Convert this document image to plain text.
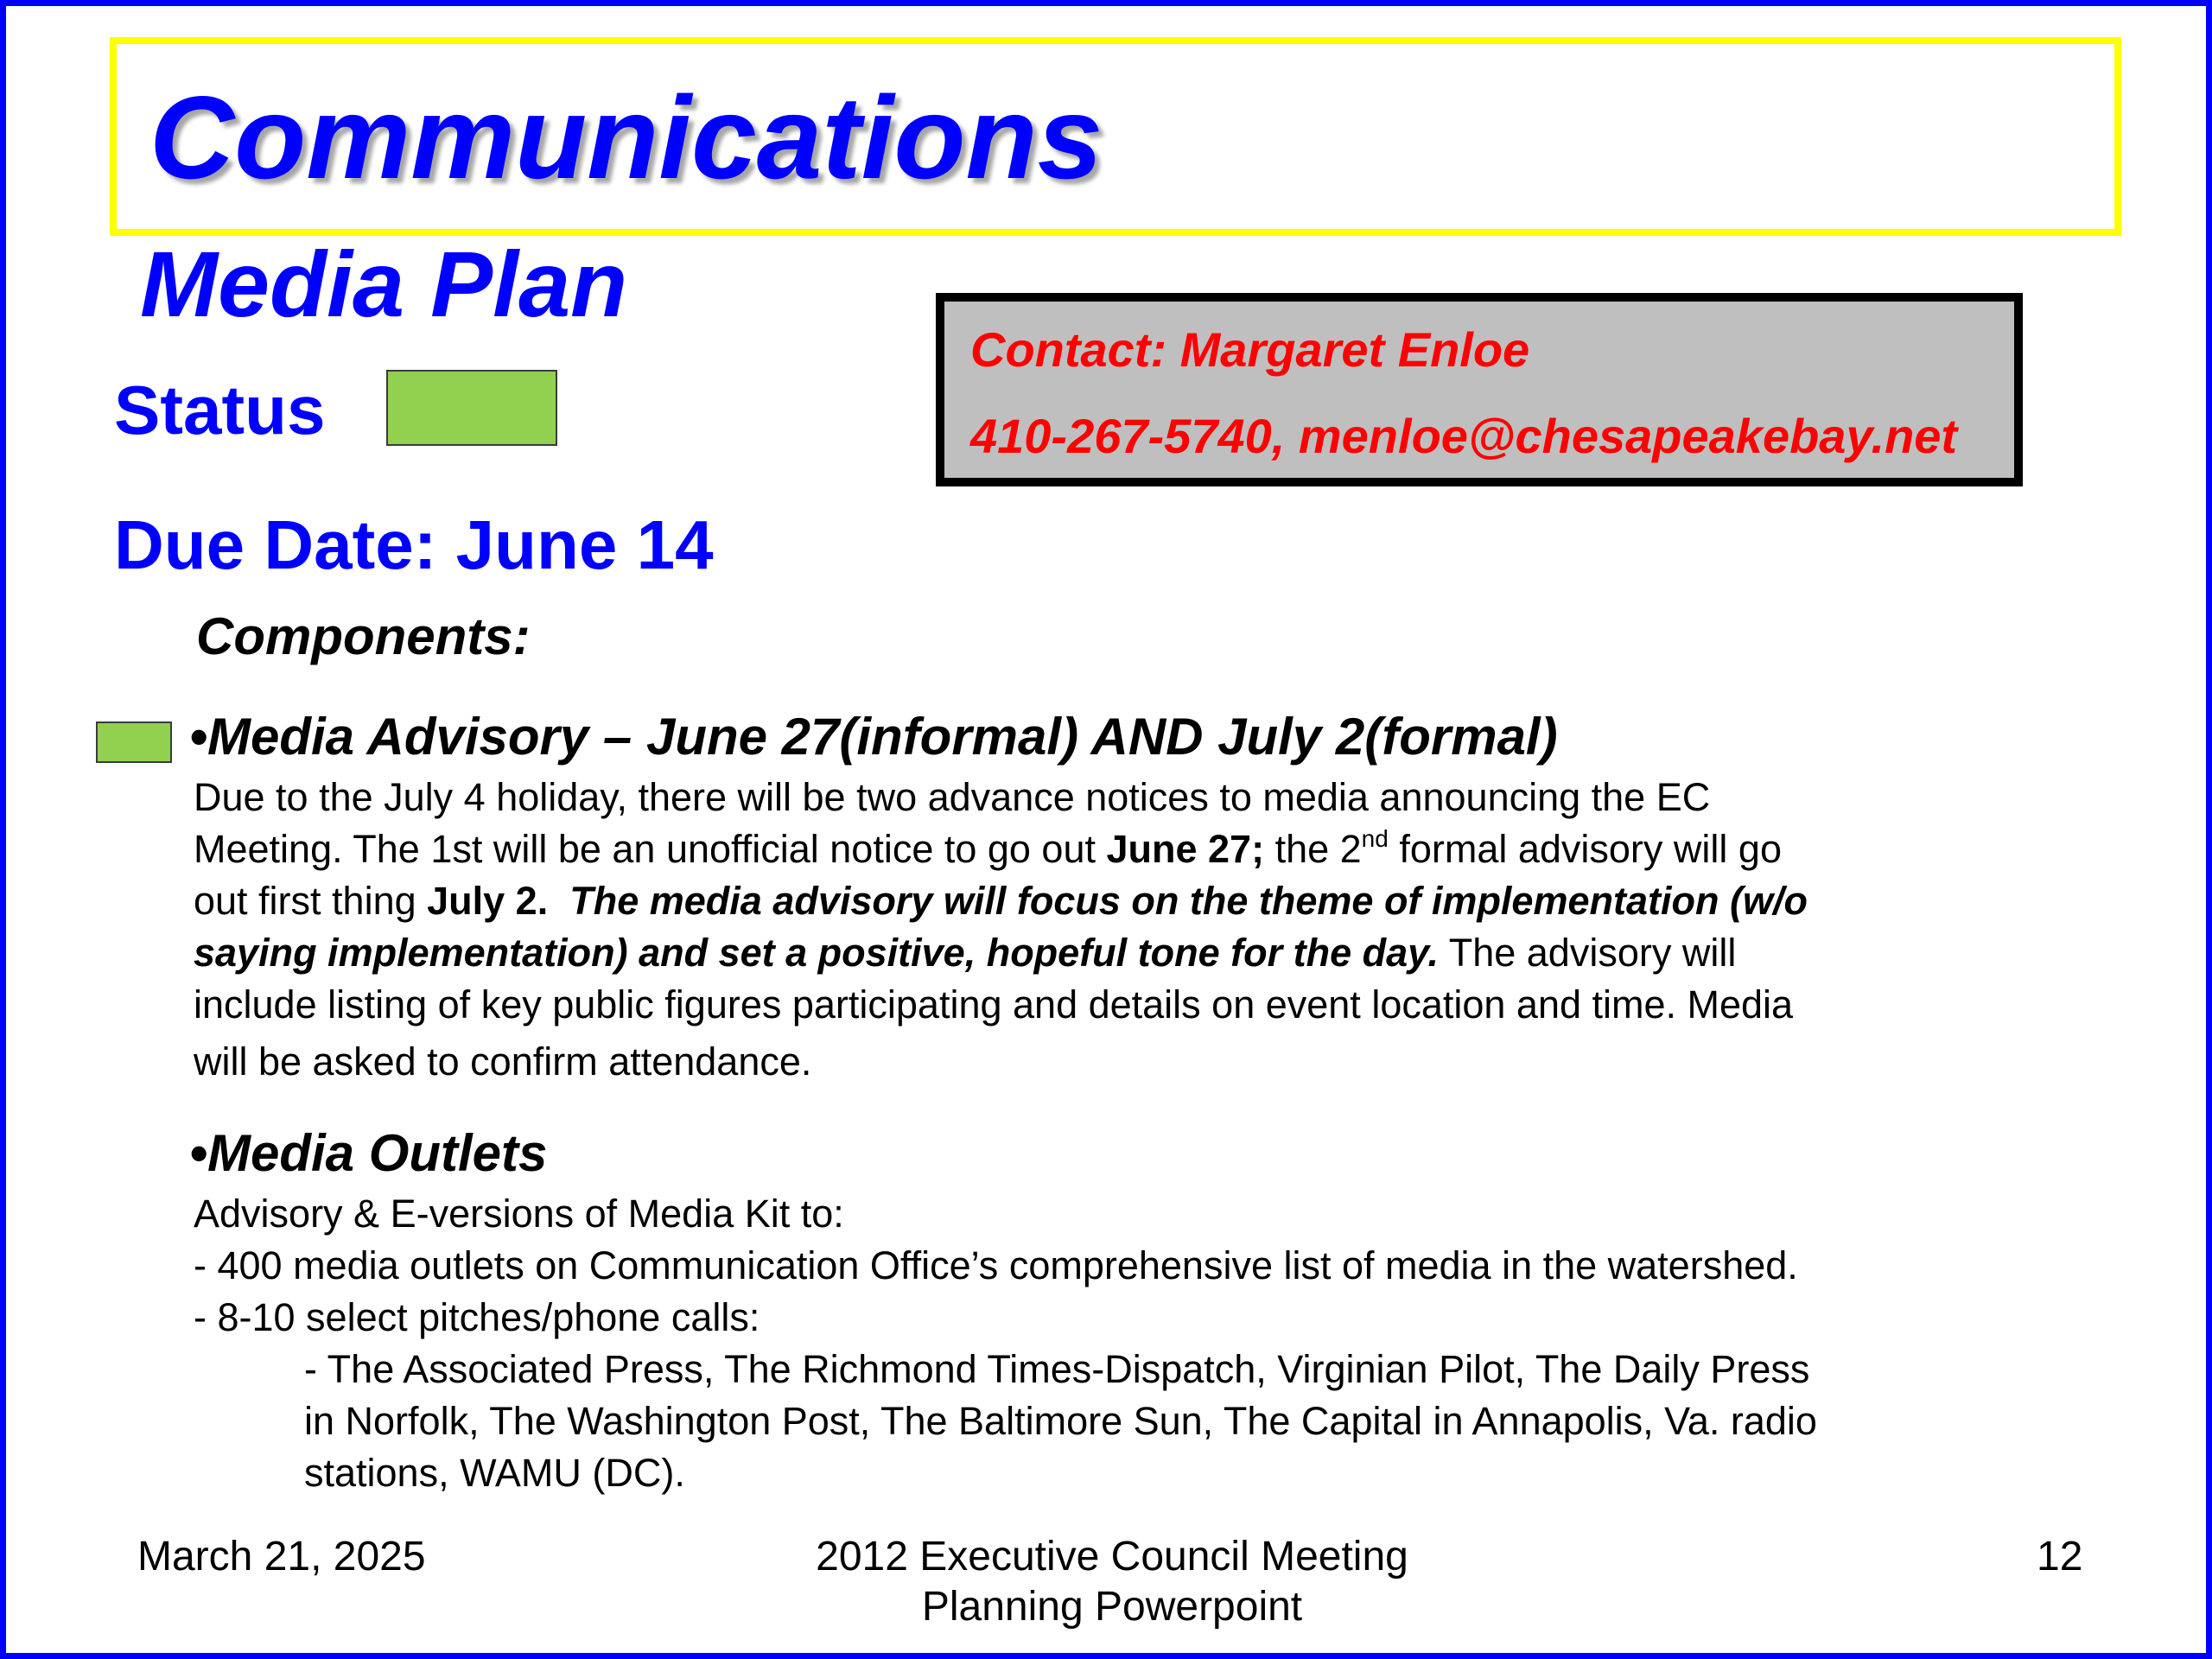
Communications
Media Plan
Status
Contact: Margaret Enloe
410-267-5740, menloe@chesapeakebay.net
Due Date: June 14
Components:
•Media Advisory – June 27(informal) AND July 2(formal)
Due to the July 4 holiday, there will be two advance notices to media announcing the EC
Meeting. The 1st will be an unofficial notice to go out June 27; the 2nd formal advisory will go
out first thing July 2. The media advisory will focus on the theme of implementation (w/o
saying implementation) and set a positive, hopeful tone for the day. The advisory will
include listing of key public figures participating and details on event location and time. Media
will be asked to confirm attendance.
•Media Outlets
Advisory & E-versions of Media Kit to:
- 400 media outlets on Communication Office’s comprehensive list of media in the watershed.
- 8-10 select pitches/phone calls:
- The Associated Press, The Richmond Times-Dispatch, Virginian Pilot, The Daily Press
in Norfolk, The Washington Post, The Baltimore Sun, The Capital in Annapolis, Va. radio
stations, WAMU (DC).
March 21, 2025	2012 Executive Council Meeting
Planning Powerpoint
12
